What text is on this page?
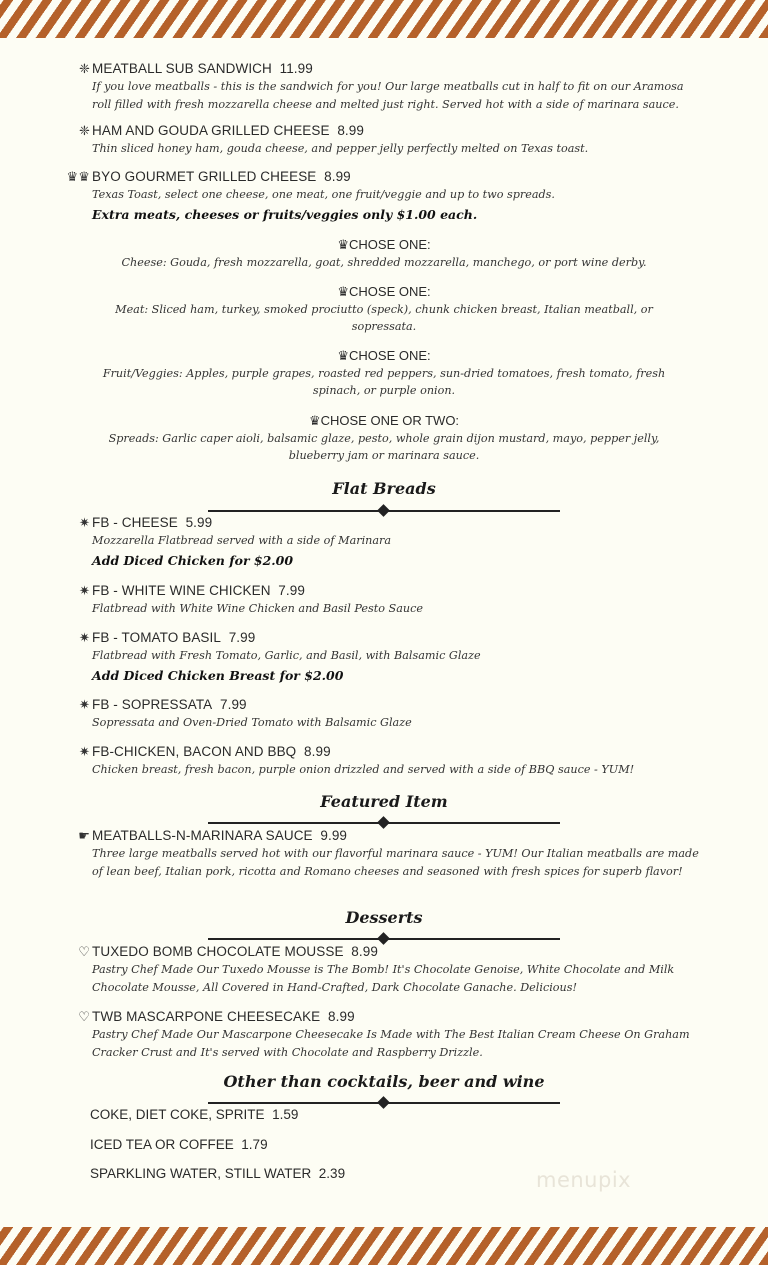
❈ MEATBALL SUB SANDWICH 11.99
If you love meatballs - this is the sandwich for you! Our large meatballs cut in half to fit on our Aramosa roll filled with fresh mozzarella cheese and melted just right. Served hot with a side of marinara sauce.
❈ HAM AND GOUDA GRILLED CHEESE 8.99
Thin sliced honey ham, gouda cheese, and pepper jelly perfectly melted on Texas toast.
♛♛ BYO GOURMET GRILLED CHEESE 8.99
Texas Toast, select one cheese, one meat, one fruit/veggie and up to two spreads.
Extra meats, cheeses or fruits/veggies only $1.00 each.
♛CHOSE ONE:
Cheese: Gouda, fresh mozzarella, goat, shredded mozzarella, manchego, or port wine derby.
♛CHOSE ONE:
Meat: Sliced ham, turkey, smoked prociutto (speck), chunk chicken breast, Italian meatball, or sopressata.
♛CHOSE ONE:
Fruit/Veggies: Apples, purple grapes, roasted red peppers, sun-dried tomatoes, fresh tomato, fresh spinach, or purple onion.
♛CHOSE ONE OR TWO:
Spreads: Garlic caper aioli, balsamic glaze, pesto, whole grain dijon mustard, mayo, pepper jelly, blueberry jam or marinara sauce.
Flat Breads
✷ FB - CHEESE 5.99
Mozzarella Flatbread served with a side of Marinara
Add Diced Chicken for $2.00
✷ FB - WHITE WINE CHICKEN 7.99
Flatbread with White Wine Chicken and Basil Pesto Sauce
✷ FB - TOMATO BASIL 7.99
Flatbread with Fresh Tomato, Garlic, and Basil, with Balsamic Glaze
Add Diced Chicken Breast for $2.00
✷ FB - SOPRESSATA 7.99
Sopressata and Oven-Dried Tomato with Balsamic Glaze
✷ FB-CHICKEN, BACON AND BBQ 8.99
Chicken breast, fresh bacon, purple onion drizzled and served with a side of BBQ sauce - YUM!
Featured Item
☛ MEATBALLS-N-MARINARA SAUCE 9.99
Three large meatballs served hot with our flavorful marinara sauce - YUM! Our Italian meatballs are made of lean beef, Italian pork, ricotta and Romano cheeses and seasoned with fresh spices for superb flavor!
Desserts
♡ TUXEDO BOMB CHOCOLATE MOUSSE 8.99
Pastry Chef Made Our Tuxedo Mousse is The Bomb! It's Chocolate Genoise, White Chocolate and Milk Chocolate Mousse, All Covered in Hand-Crafted, Dark Chocolate Ganache. Delicious!
♡ TWB MASCARPONE CHEESECAKE 8.99
Pastry Chef Made Our Mascarpone Cheesecake Is Made with The Best Italian Cream Cheese On Graham Cracker Crust and It's served with Chocolate and Raspberry Drizzle.
Other than cocktails, beer and wine
COKE, DIET COKE, SPRITE 1.59
ICED TEA OR COFFEE 1.79
SPARKLING WATER, STILL WATER 2.39	menupix
